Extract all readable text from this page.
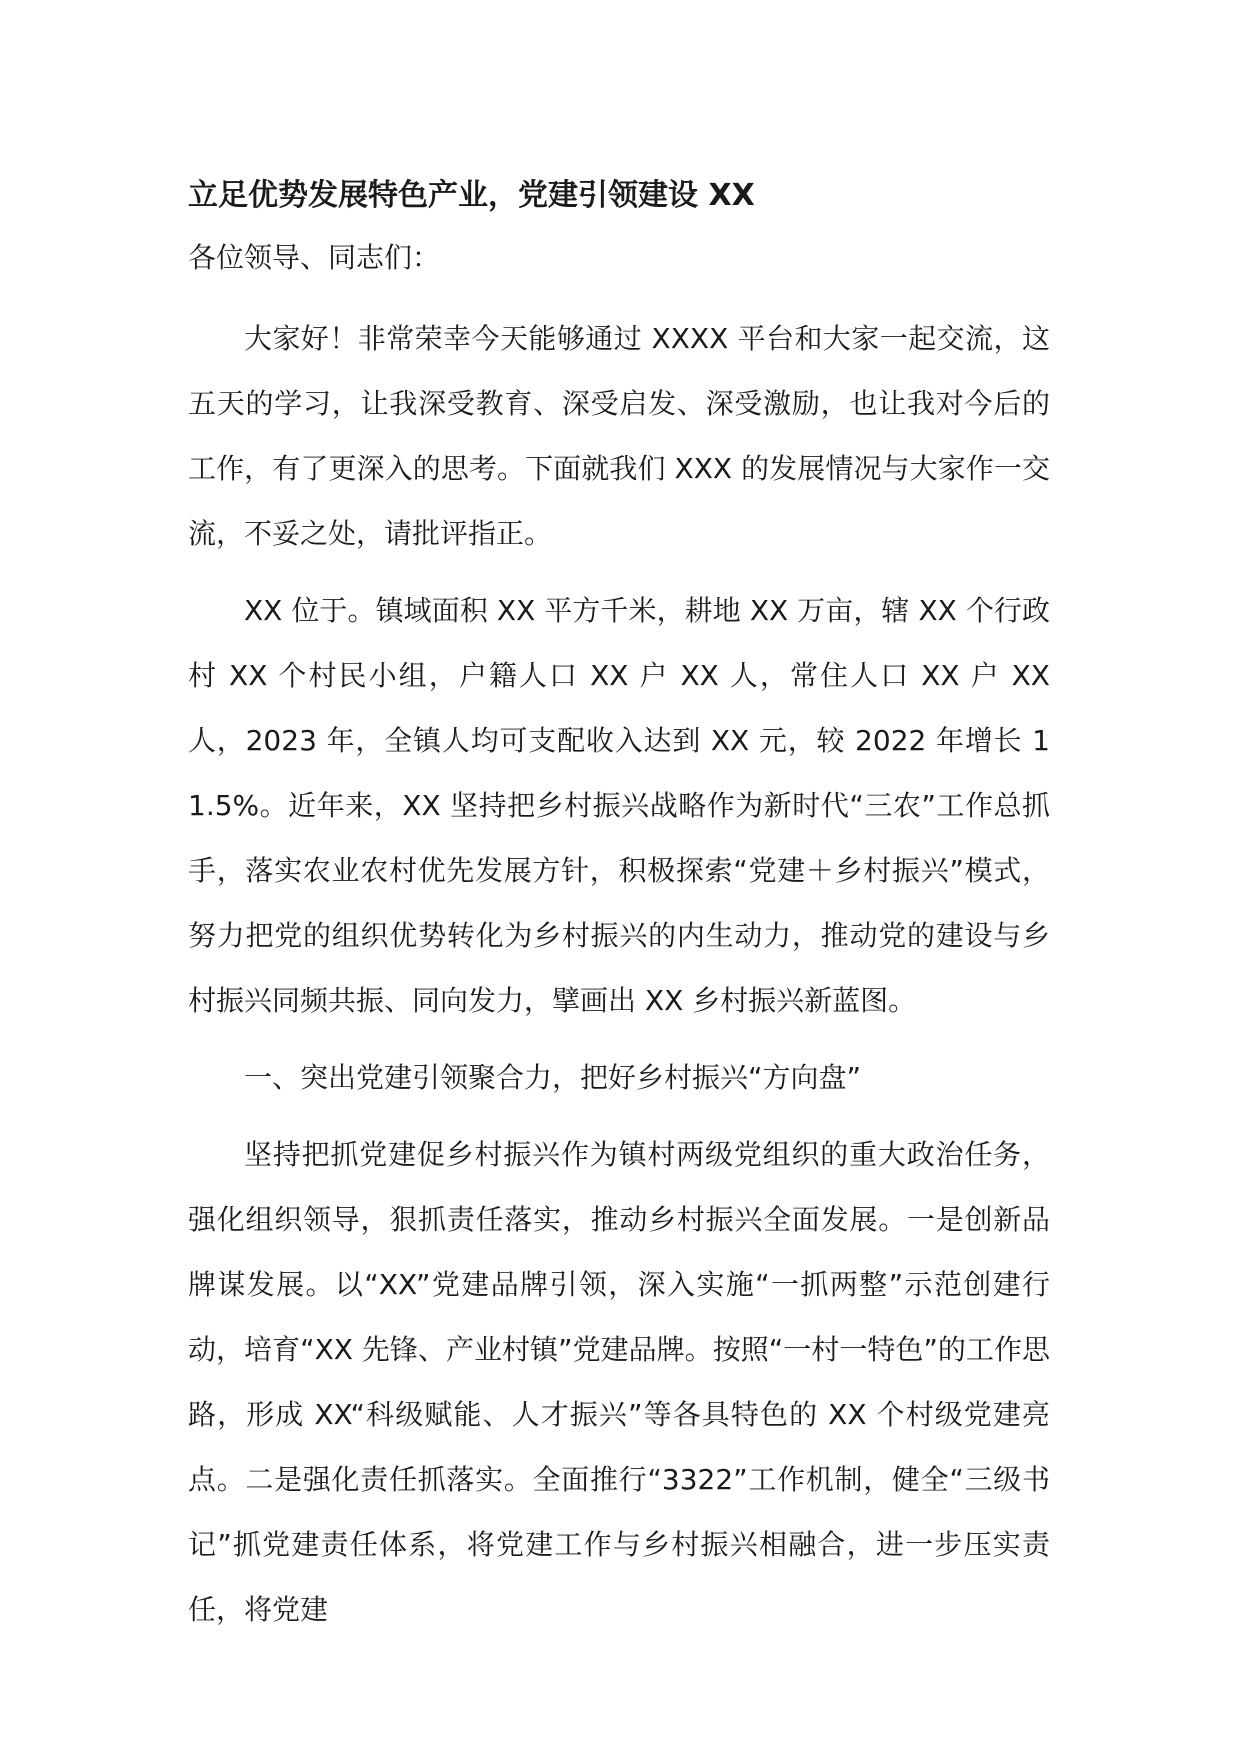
立足优势发展特色产业，党建引领建设 XX

各位领导、同志们：

大家好！非常荣幸今天能够通过 XXXX 平台和大家一起交流，这五天的学习，让我深受教育、深受启发、深受激励，也让我对今后的工作，有了更深入的思考。下面就我们 XXX 的发展情况与大家作一交流，不妥之处，请批评指正。

XX 位于。镇域面积 XX 平方千米，耕地 XX 万亩，辖 XX 个行政村 XX 个村民小组，户籍人口 XX 户 XX 人，常住人口 XX 户 XX 人，2023 年，全镇人均可支配收入达到 XX 元，较 2022 年增长 11.5%。近年来，XX 坚持把乡村振兴战略作为新时代“三农”工作总抓手，落实农业农村优先发展方针，积极探索“党建＋乡村振兴”模式，努力把党的组织优势转化为乡村振兴的内生动力，推动党的建设与乡村振兴同频共振、同向发力，擘画出 XX 乡村振兴新蓝图。

一、突出党建引领聚合力，把好乡村振兴“方向盘”

坚持把抓党建促乡村振兴作为镇村两级党组织的重大政治任务，强化组织领导，狠抓责任落实，推动乡村振兴全面发展。一是创新品牌谋发展。以“XX”党建品牌引领，深入实施“一抓两整”示范创建行动，培育“XX 先锋、产业村镇”党建品牌。按照“一村一特色”的工作思路，形成 XX“科级赋能、人才振兴”等各具特色的 XX 个村级党建亮点。二是强化责任抓落实。全面推行“3322”工作机制，健全“三级书记”抓党建责任体系，将党建工作与乡村振兴相融合，进一步压实责任，将党建
